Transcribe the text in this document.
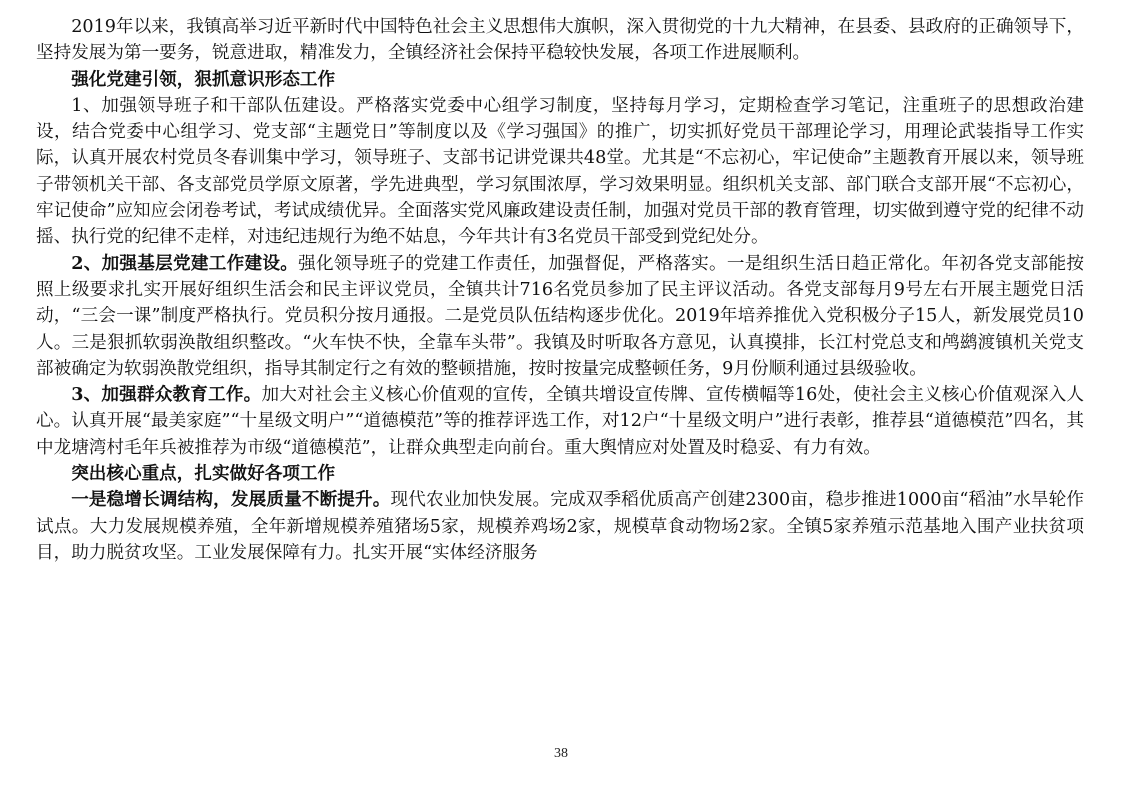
2019年以来，我镇高举习近平新时代中国特色社会主义思想伟大旗帜，深入贯彻党的十九大精神，在县委、县政府的正确领导下，坚持发展为第一要务，锐意进取，精准发力，全镇经济社会保持平稳较快发展，各项工作进展顺利。

强化党建引领，狠抓意识形态工作

1、加强领导班子和干部队伍建设。严格落实党委中心组学习制度，坚持每月学习，定期检查学习笔记，注重班子的思想政治建设，结合党委中心组学习、党支部“主题党日”等制度以及《学习强国》的推广，切实抓好党员干部理论学习，用理论武装指导工作实际，认真开展农村党员冬春训集中学习，领导班子、支部书记讲党课共48堂。尤其是“不忘初心，牢记使命”主题教育开展以来，领导班子带领机关干部、各支部党员学原文原著，学先进典型，学习氛围浓厚，学习效果明显。组织机关支部、部门联合支部开展“不忘初心，牢记使命”应知应会闭卷考试，考试成绩优异。全面落实党风廉政建设责任制，加强对党员干部的教育管理，切实做到遵守党的纪律不动摇、执行党的纪律不走样，对违纪违规行为绝不姑息，今年共计有3名党员干部受到党纪处分。

2、加强基层党建工作建设。强化领导班子的党建工作责任，加强督促，严格落实。一是组织生活日趋正常化。年初各党支部能按照上级要求扎实开展好组织生活会和民主评议党员，全镇共计716名党员参加了民主评议活动。各党支部每月9号左右开展主题党日活动，“三会一课”制度严格执行。党员积分按月通报。二是党员队伍结构逐步优化。2019年培养推优入党积极分子15人，新发展党员10人。三是狠抓软弱涣散组织整改。“火车快不快，全靠车头带”。我镇及时听取各方意见，认真摸排，长江村党总支和鸬鹚渡镇机关党支部被确定为软弱涣散党组织，指导其制定行之有效的整顿措施，按时按量完成整顿任务，9月份顺利通过县级验收。

3、加强群众教育工作。加大对社会主义核心价值观的宣传，全镇共增设宣传牌、宣传横幅等16处，使社会主义核心价值观深入人心。认真开展“最美家庭”“十星级文明户”“道德模范”等的推荐评选工作，对12户“十星级文明户”进行表彰，推荐县“道德模范”四名，其中龙塘湾村毛年兵被推荐为市级“道德模范”，让群众典型走向前台。重大舆情应对处置及时稳妥、有力有效。

突出核心重点，扎实做好各项工作

一是稳增长调结构，发展质量不断提升。现代农业加快发展。完成双季稻优质高产创建2300亩，稳步推进1000亩“稻油”水旱轮作试点。大力发展规模养殖，全年新增规模养殖猪场5家，规模养鸡场2家，规模草食动物场2家。全镇5家养殖示范基地入围产业扶贫项目，助力脱贫攻坚。工业发展保障有力。扎实开展“实体经济服务

38
